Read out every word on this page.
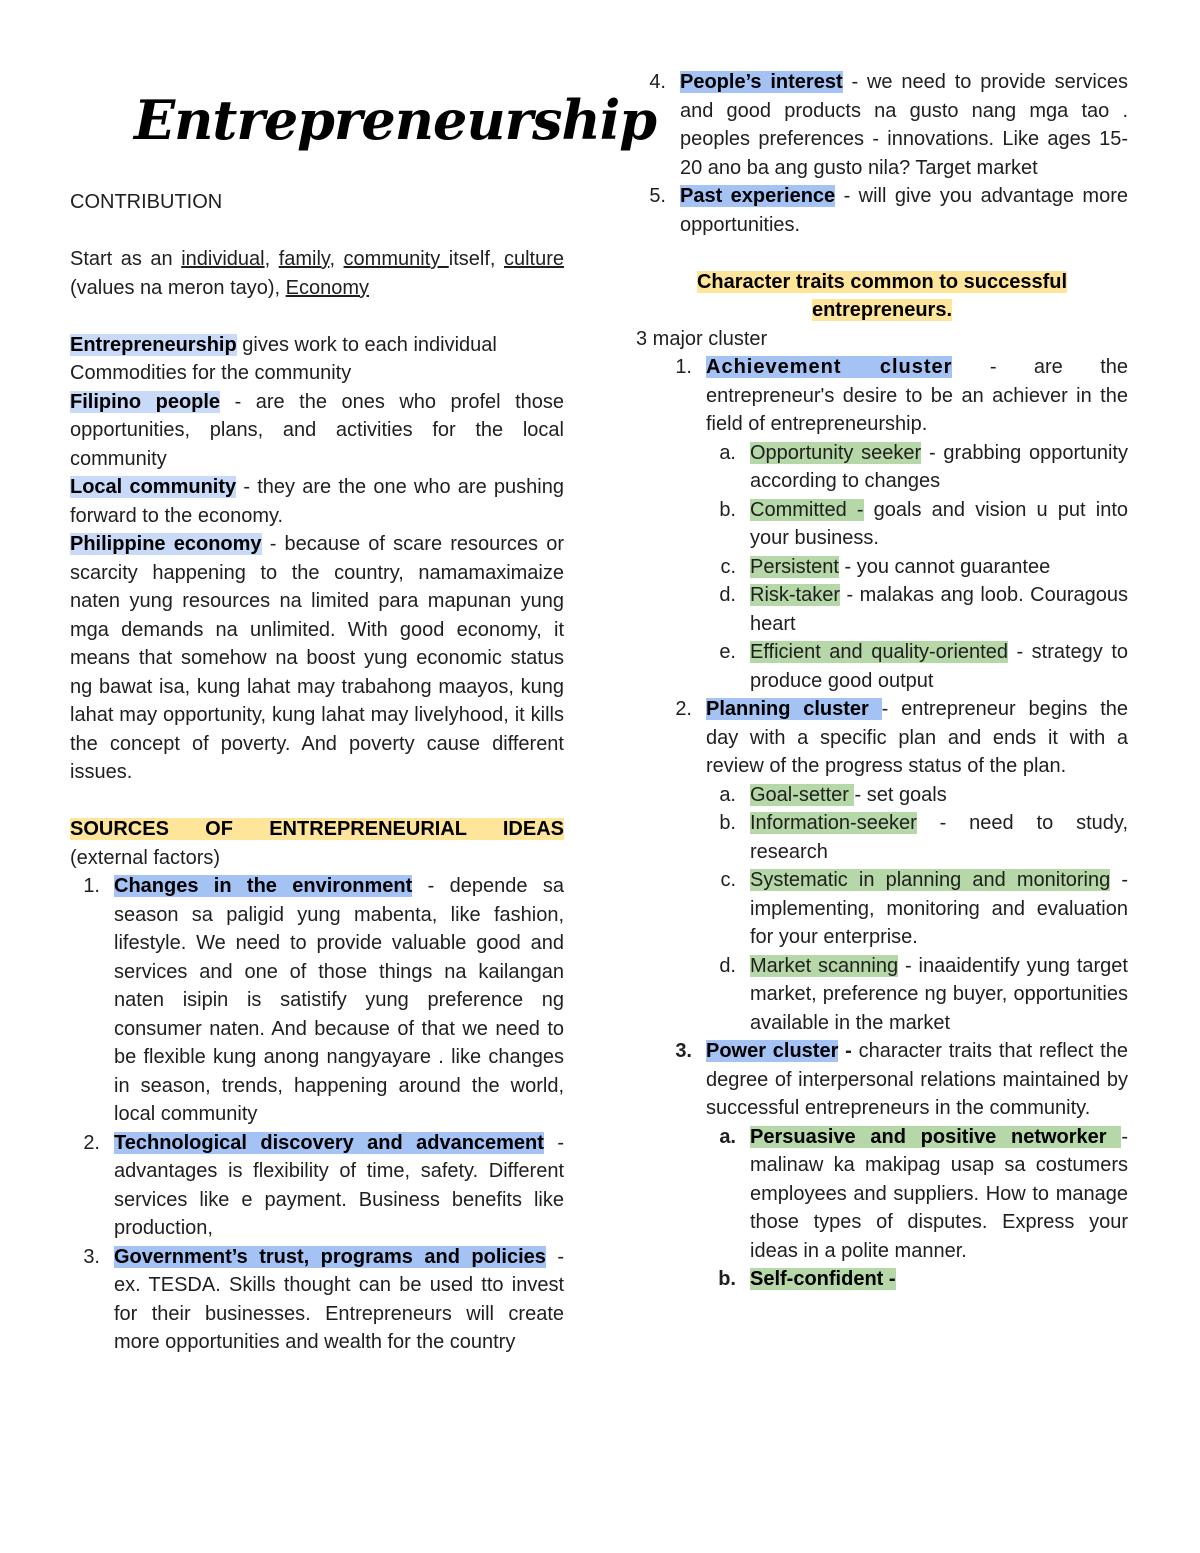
Entrepreneurship

CONTRIBUTION

Start as an individual, family, community itself, culture (values na meron tayo), Economy

Entrepreneurship gives work to each individual

Commodities for the community

Filipino people - are the ones who profel those opportunities, plans, and activities for the local community

Local community - they are the one who are pushing forward to the economy.

Philippine economy - because of scare resources or scarcity happening to the country, namamaximaize naten yung resources na limited para mapunan yung mga demands na unlimited. With good economy, it means that somehow na boost yung economic status ng bawat isa, kung lahat may trabahong maayos, kung lahat may opportunity, kung lahat may livelyhood, it kills the concept of poverty. And poverty cause different issues.

SOURCES OF ENTREPRENEURIAL IDEAS

(external factors)

1. Changes in the environment - depende sa season sa paligid yung mabenta, like fashion, lifestyle. We need to provide valuable good and services and one of those things na kailangan naten isipin is satistify yung preference ng consumer naten. And because of that we need to be flexible kung anong nangyayare . like changes in season, trends, happening around the world, local community
2. Technological discovery and advancement - advantages is flexibility of time, safety. Different services like e payment. Business benefits like production,
3. Government’s trust, programs and policies - ex. TESDA. Skills thought can be used tto invest for their businesses. Entrepreneurs will create more opportunities and wealth for the country
4. People’s interest - we need to provide services and good products na gusto nang mga tao . peoples preferences - innovations. Like ages 15- 20 ano ba ang gusto nila? Target market
5. Past experience - will give you advantage more opportunities.

Character traits common to successful
entrepreneurs.

3 major cluster

1. Achievement cluster - are the entrepreneur's desire to be an achiever in the field of entrepreneurship.
a. Opportunity seeker - grabbing opportunity according to changes
b. Committed - goals and vision u put into your business.
c. Persistent - you cannot guarantee
d. Risk-taker - malakas ang loob. Couragous heart
e. Efficient and quality-oriented - strategy to produce good output
2. Planning cluster - entrepreneur begins the day with a specific plan and ends it with a review of the progress status of the plan.
a. Goal-setter - set goals
b. Information-seeker - need to study, research
c. Systematic in planning and monitoring - implementing, monitoring and evaluation for your enterprise.
d. Market scanning - inaaidentify yung target market, preference ng buyer, opportunities available in the market
3. Power cluster - character traits that reflect the degree of interpersonal relations maintained by successful entrepreneurs in the community.
a. Persuasive and positive networker - malinaw ka makipag usap sa costumers employees and suppliers. How to manage those types of disputes. Express your ideas in a polite manner.
b. Self-confident -
